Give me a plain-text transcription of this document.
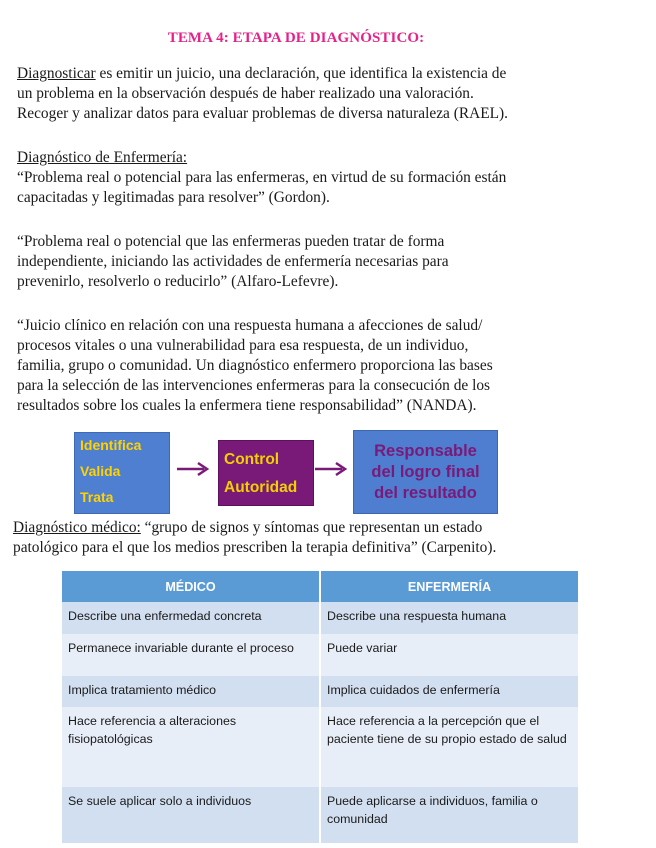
TEMA 4: ETAPA DE DIAGNÓSTICO:
Diagnosticar es emitir un juicio, una declaración, que identifica la existencia de
un problema en la observación después de haber realizado una valoración.
Recoger y analizar datos para evaluar problemas de diversa naturaleza (RAEL).
Diagnóstico de Enfermería:
“Problema real o potencial para las enfermeras, en virtud de su formación están
capacitadas y legitimadas para resolver” (Gordon).
“Problema real o potencial que las enfermeras pueden tratar de forma
independiente, iniciando las actividades de enfermería necesarias para
prevenirlo, resolverlo o reducirlo” (Alfaro-Lefevre).
“Juicio clínico en relación con una respuesta humana a afecciones de salud/
procesos vitales o una vulnerabilidad para esa respuesta, de un individuo,
familia, grupo o comunidad. Un diagnóstico enfermero proporciona las bases
para la selección de las intervenciones enfermeras para la consecución de los
resultados sobre los cuales la enfermera tiene responsabilidad” (NANDA).
Identifica
Valida
Trata
Control
Autoridad
Responsable
del logro final
del resultado
Diagnóstico médico: “grupo de signos y síntomas que representan un estado
patológico para el que los medios prescriben la terapia definitiva” (Carpenito).
MÉDICO	ENFERMERÍA
Describe una enfermedad concreta	Describe una respuesta humana
Permanece invariable durante el proceso	Puede variar
Implica tratamiento médico	Implica cuidados de enfermería
Hace referencia a alteraciones fisiopatológicas	Hace referencia a la percepción que el paciente tiene de su propio estado de salud
Se suele aplicar solo a individuos	Puede aplicarse a individuos, familia o comunidad
